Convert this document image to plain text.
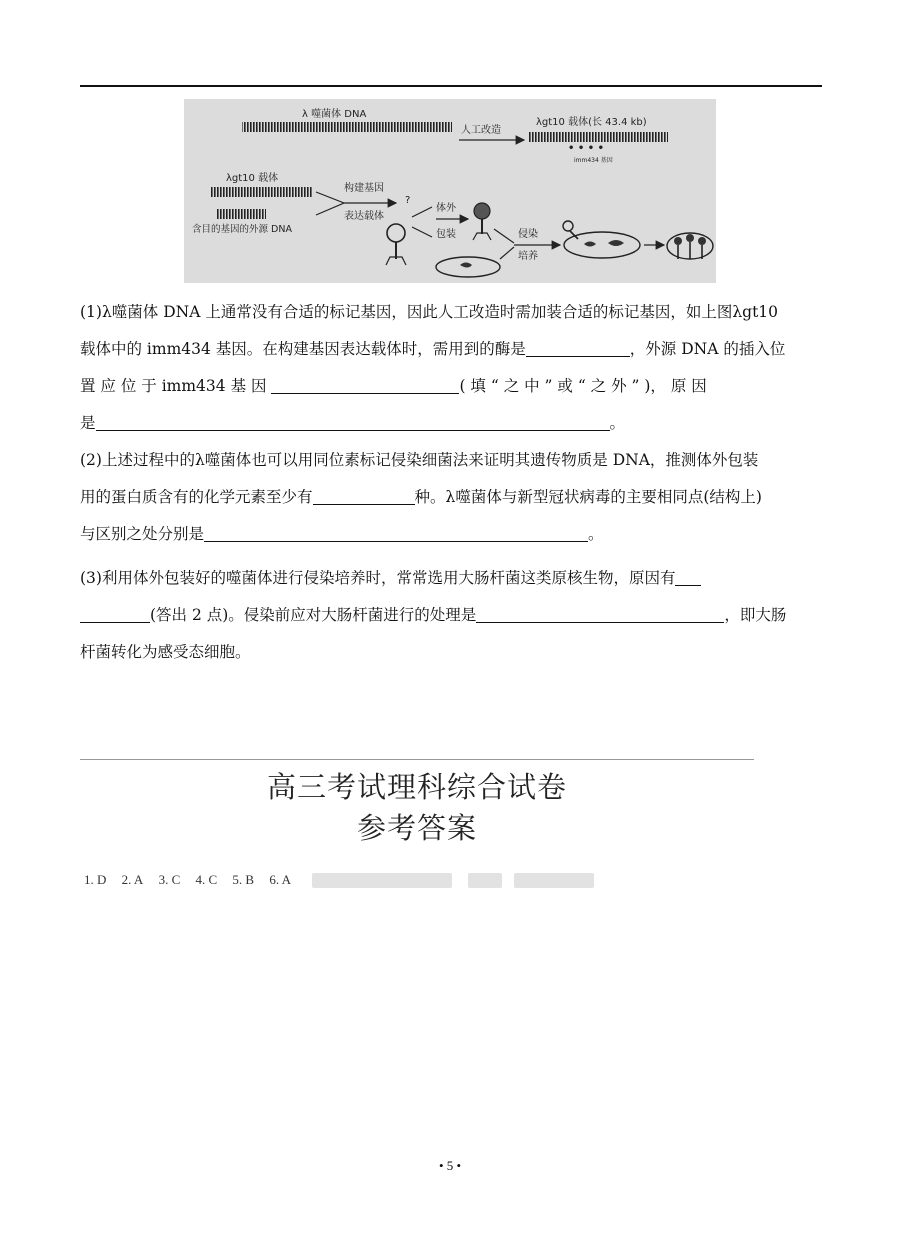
λ 噬菌体 DNA
人工改造
λgt10 载体(长 43.4 kb)
• • • •
imm434 基因
λgt10 载体
含目的基因的外源 DNA
构建基因
表达载体
?
体外
包装	侵染
培养
(1)λ噬菌体 DNA 上通常没有合适的标记基因，因此人工改造时需加装合适的标记基因，如上图λgt10
载体中的 imm434 基因。在构建基因表达载体时，需用到的酶是	，外源 DNA 的插入位
置 应 位 于 imm434 基 因	( 填 “ 之 中 ” 或 “ 之 外 ” )， 原 因
是	。
(2)上述过程中的λ噬菌体也可以用同位素标记侵染细菌法来证明其遗传物质是 DNA，推测体外包装
用的蛋白质含有的化学元素至少有	种。λ噬菌体与新型冠状病毒的主要相同点(结构上)
与区别之处分别是	。
(3)利用体外包装好的噬菌体进行侵染培养时，常常选用大肠杆菌这类原核生物，原因有
(答出 2 点)。侵染前应对大肠杆菌进行的处理是	，即大肠
杆菌转化为感受态细胞。
高三考试理科综合试卷
参考答案
1. D 2. A 3. C 4. C 5. B 6. A
• 5 •
